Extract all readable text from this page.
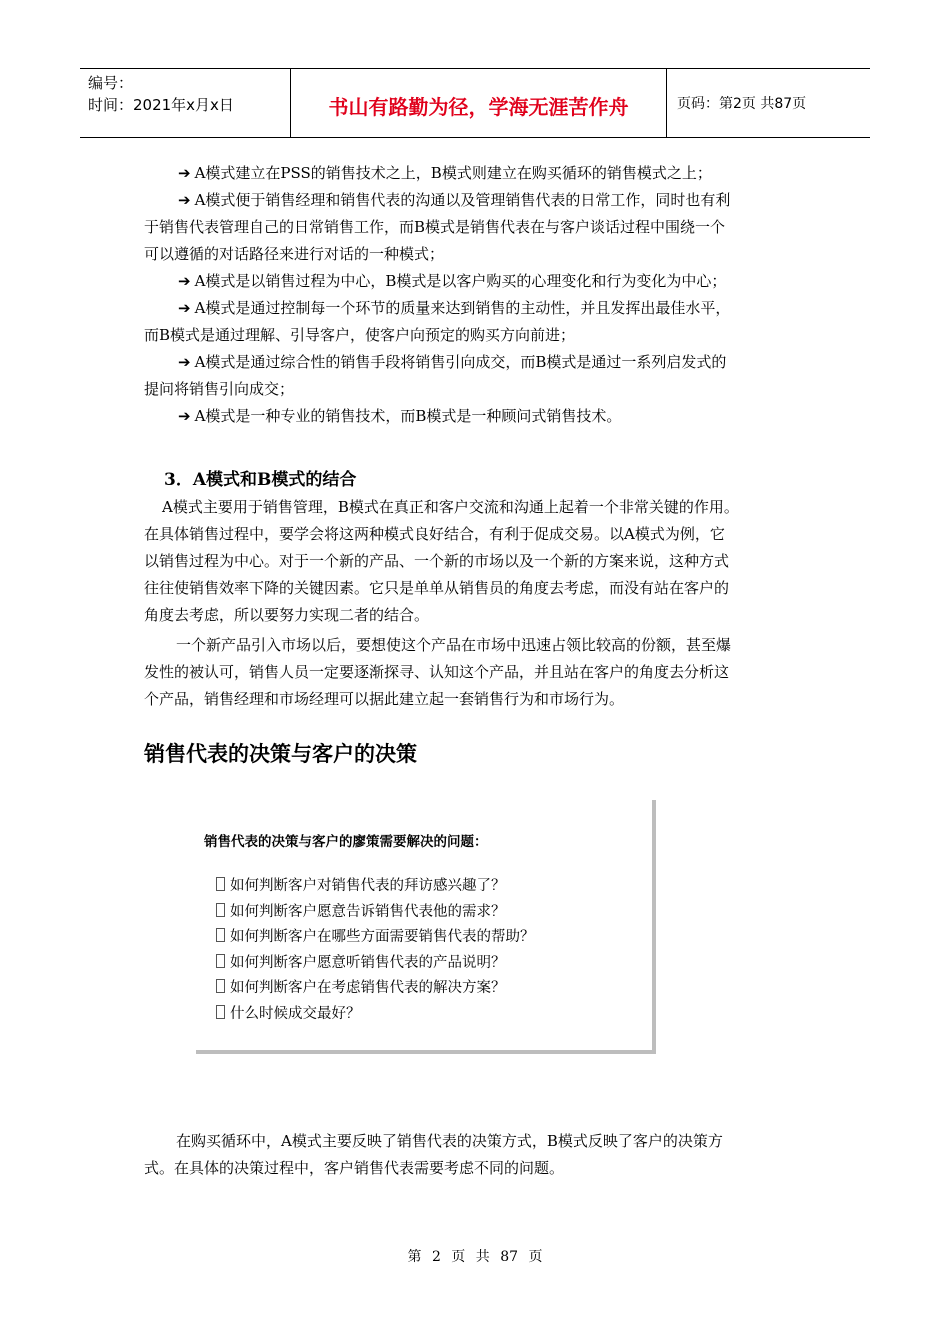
编号：
时间：2021年x月x日	书山有路勤为径，学海无涯苦作舟	页码：第2页 共87页

➔ A模式建立在PSS的销售技术之上，B模式则建立在购买循环的销售模式之上；

➔ A模式便于销售经理和销售代表的沟通以及管理销售代表的日常工作，同时也有利

于销售代表管理自己的日常销售工作，而B模式是销售代表在与客户谈话过程中围绕一个

可以遵循的对话路径来进行对话的一种模式；

➔ A模式是以销售过程为中心，B模式是以客户购买的心理变化和行为变化为中心；

➔ A模式是通过控制每一个环节的质量来达到销售的主动性，并且发挥出最佳水平，

而B模式是通过理解、引导客户，使客户向预定的购买方向前进；

➔ A模式是通过综合性的销售手段将销售引向成交，而B模式是通过一系列启发式的

提问将销售引向成交；

➔ A模式是一种专业的销售技术，而B模式是一种顾问式销售技术。

3．A模式和B模式的结合

A模式主要用于销售管理，B模式在真正和客户交流和沟通上起着一个非常关键的作用。

在具体销售过程中，要学会将这两种模式良好结合，有利于促成交易。以A模式为例，它

以销售过程为中心。对于一个新的产品、一个新的市场以及一个新的方案来说，这种方式

往往使销售效率下降的关键因素。它只是单单从销售员的角度去考虑，而没有站在客户的

角度去考虑，所以要努力实现二者的结合。

一个新产品引入市场以后，要想使这个产品在市场中迅速占领比较高的份额，甚至爆

发性的被认可，销售人员一定要逐渐探寻、认知这个产品，并且站在客户的角度去分析这

个产品，销售经理和市场经理可以据此建立起一套销售行为和市场行为。

销售代表的决策与客户的决策
销售代表的决策与客户的廖策需要解决的问题：
如何判断客户对销售代表的拜访感兴趣了？
如何判断客户愿意告诉销售代表他的需求？
如何判断客户在哪些方面需要销售代表的帮助？
如何判断客户愿意听销售代表的产品说明？
如何判断客户在考虑销售代表的解决方案？
什么时候成交最好？

在购买循环中，A模式主要反映了销售代表的决策方式，B模式反映了客户的决策方

式。在具体的决策过程中，客户销售代表需要考虑不同的问题。

第 2 页 共 87 页
